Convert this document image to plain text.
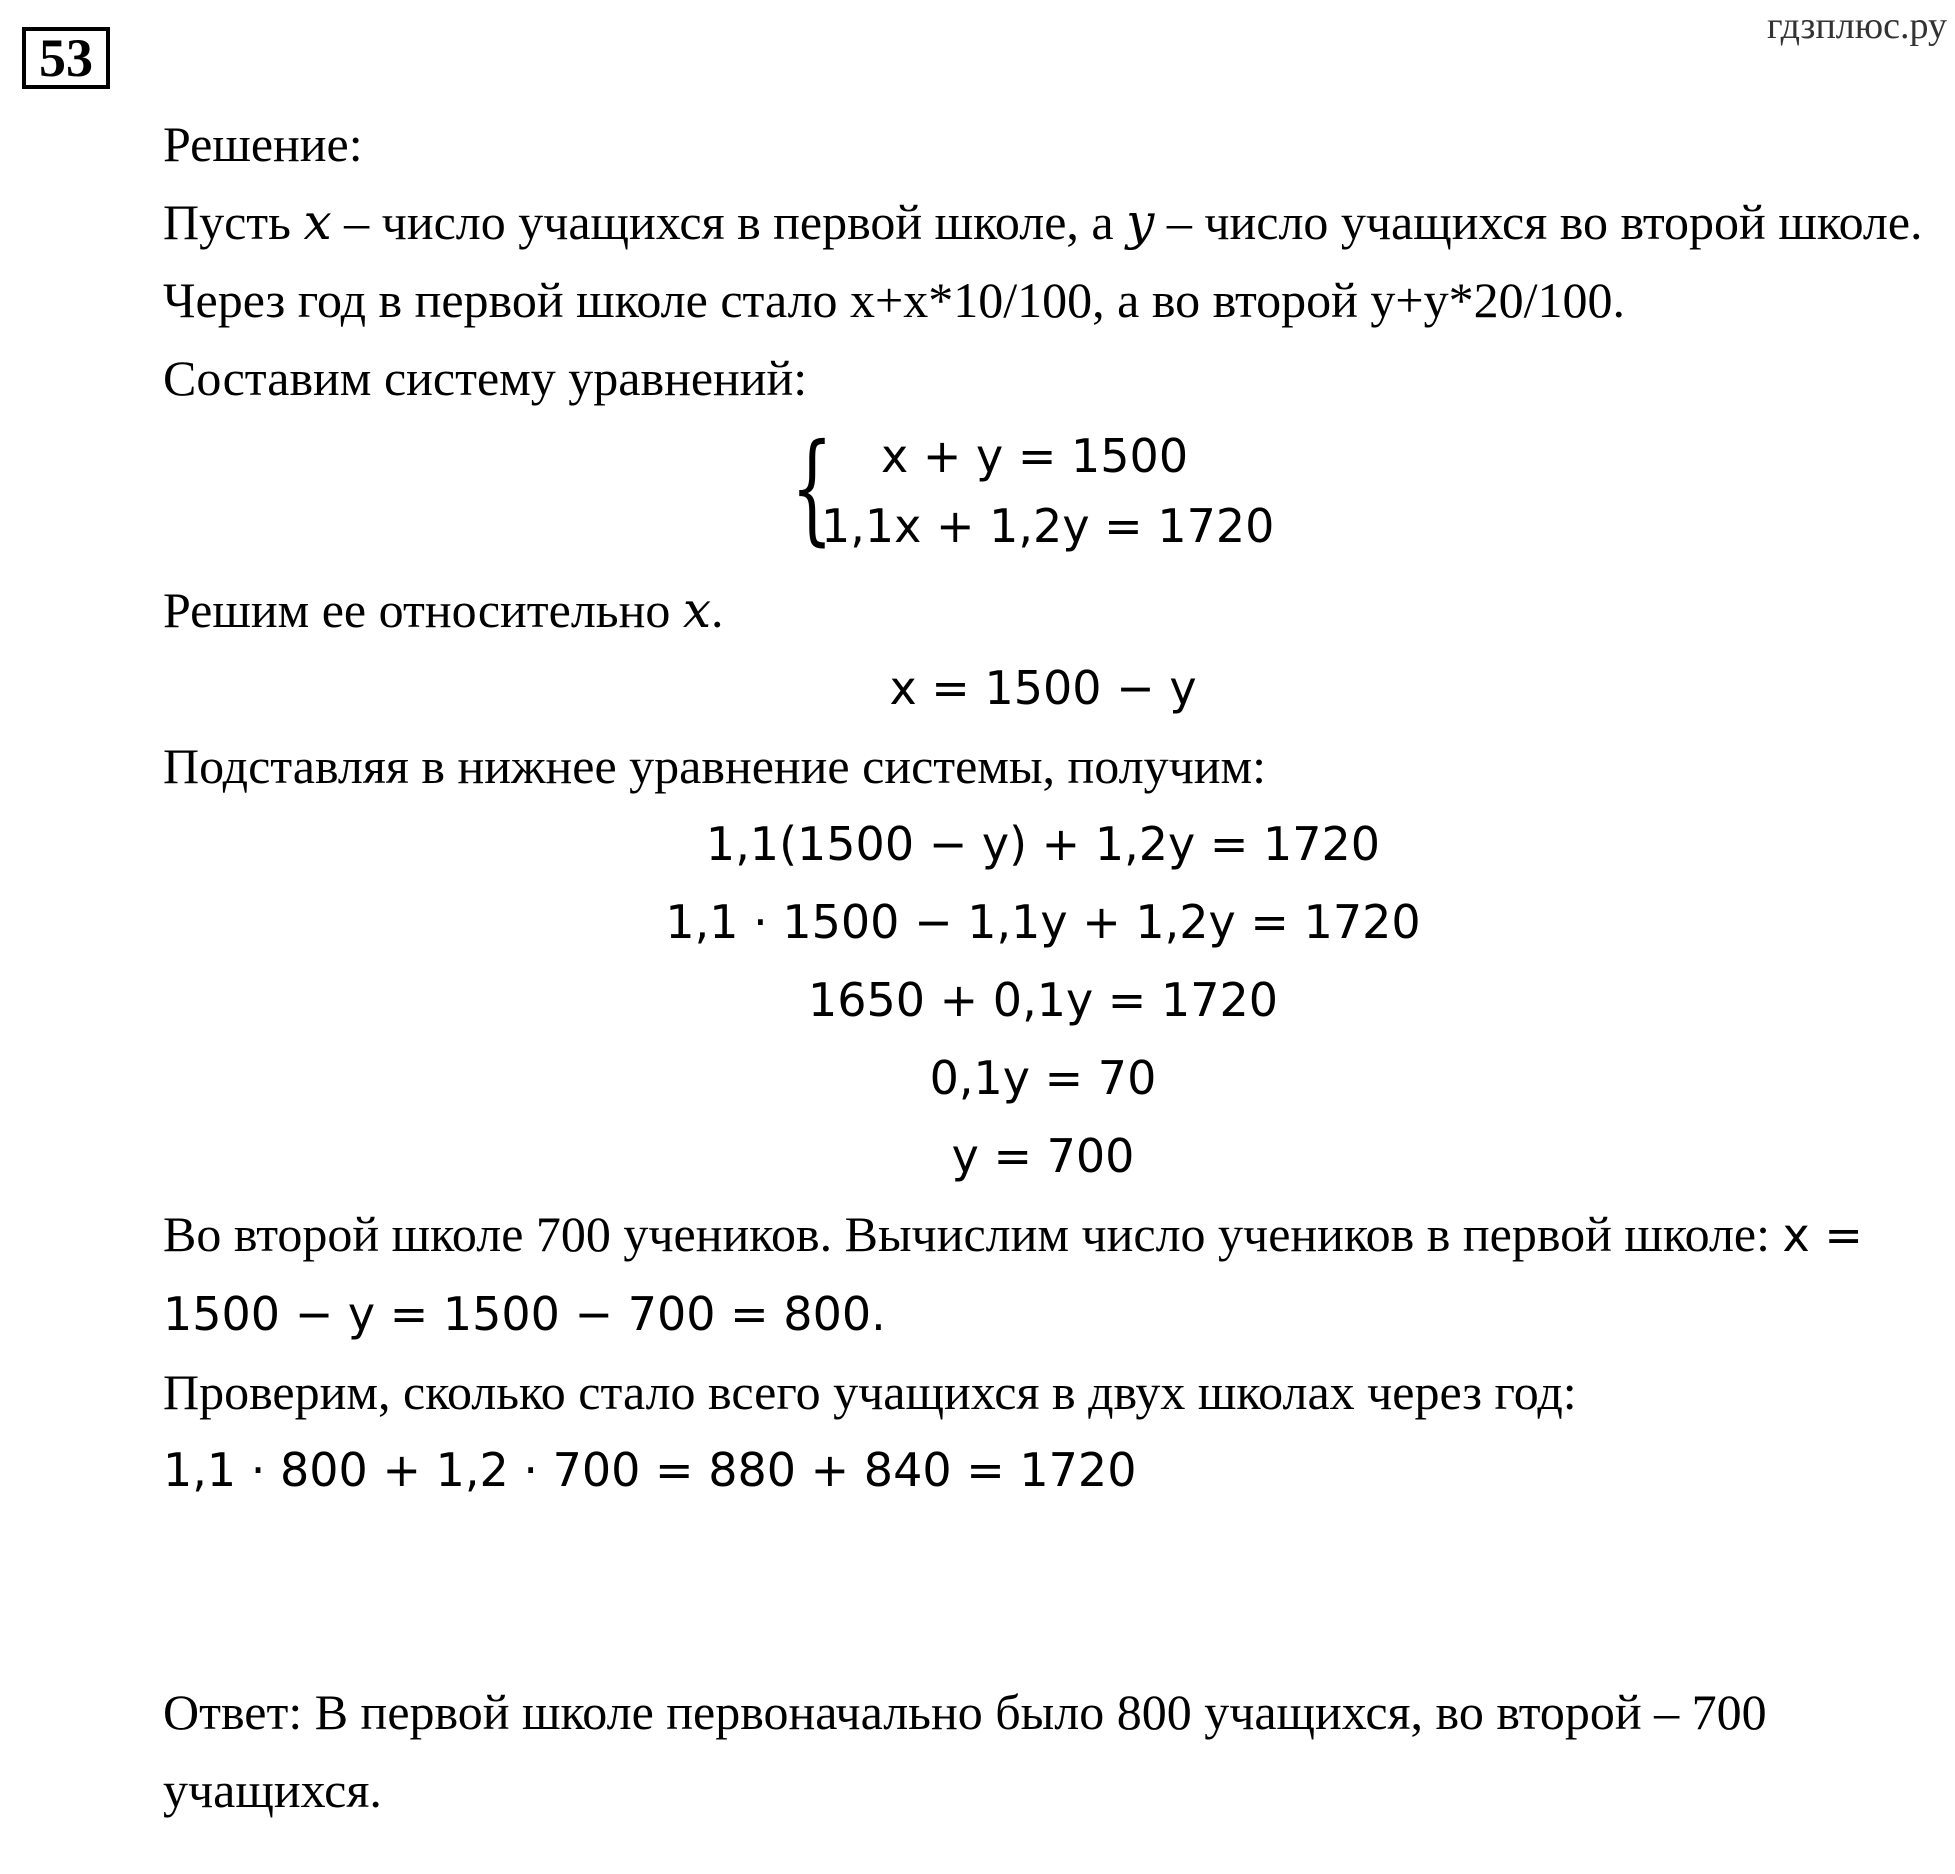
53
гдзплюс.ру

Решение:

Пусть x – число учащихся в первой школе, а y – число учащихся во второй школе.

Через год в первой школе стало x+x*10/100, а во второй y+y*20/100.

Составим систему уравнений:

{ x + y = 1500
1,1x + 1,2y = 1720

Решим ее относительно x.

x = 1500 − y

Подставляя в нижнее уравнение системы, получим:

1,1(1500 − y) + 1,2y = 1720

1,1 · 1500 − 1,1y + 1,2y = 1720

1650 + 0,1y = 1720

0,1y = 70

y = 700

Во второй школе 700 учеников. Вычислим число учеников в первой школе: x = 1500 − y = 1500 − 700 = 800.

Проверим, сколько стало всего учащихся в двух школах через год:

1,1 · 800 + 1,2 · 700 = 880 + 840 = 1720

Ответ: В первой школе первоначально было 800 учащихся, во второй – 700 учащихся.
